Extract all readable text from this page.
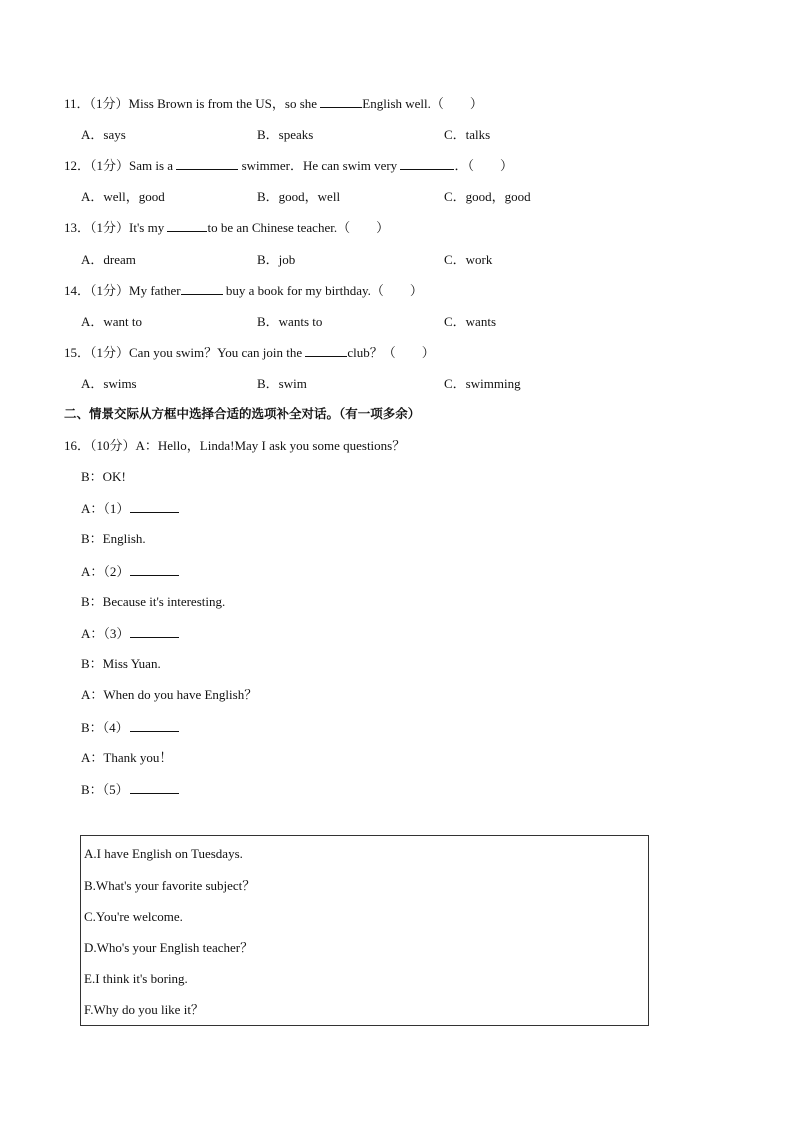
11．（1分）Miss Brown is from the US，so she	English well.（　　）
A．says	B．speaks	C．talks
12．（1分）Sam is a	swimmer．He can swim very	．（　　）
A．well，good	B．good，well	C．good，good
13．（1分）It's my	to be an Chinese teacher.（　　）
A．dream	B．job	C．work
14．（1分）My father	buy a book for my birthday.（　　）
A．want to	B．wants to	C．wants
15．（1分）Can you swim？You can join the	club？（　　）
A．swims	B．swim	C．swimming
二、情景交际从方框中选择合适的选项补全对话。（有一项多余）
16．（10分）A：Hello，Linda!May I ask you some questions？
B：OK!
A：（1）
B：English.
A：（2）
B：Because it's interesting.
A：（3）
B：Miss Yuan.
A：When do you have English？
B：（4）
A：Thank you！
B：（5）
A.I have English on Tuesdays.
B.What's your favorite subject？
C.You're welcome.
D.Who's your English teacher？
E.I think it's boring.
F.Why do you like it？
